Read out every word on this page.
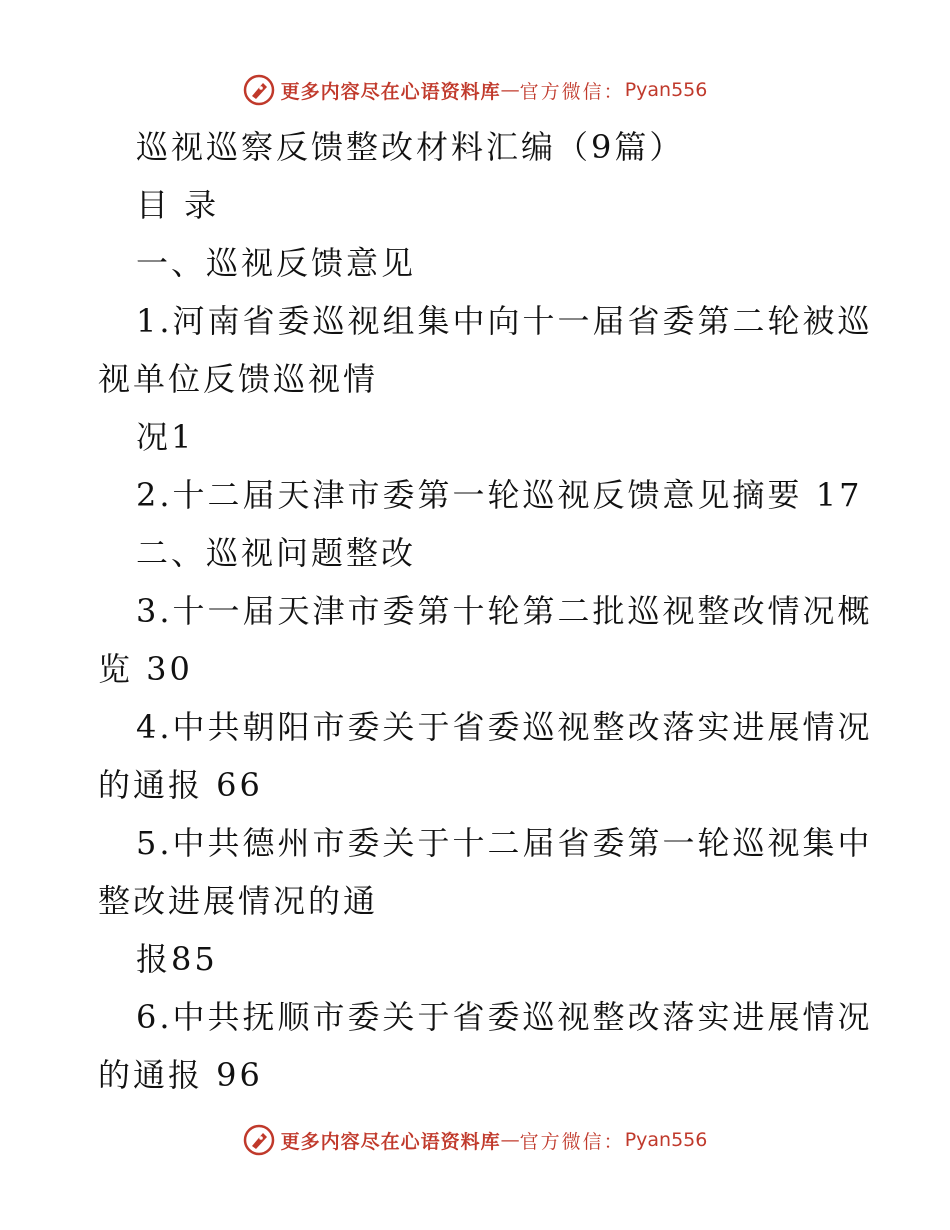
更多内容尽在心语资料库 — 官方微信： Pyan556
巡视巡察反馈整改材料汇编（9篇）
目 录
一、巡视反馈意见
1.河南省委巡视组集中向十一届省委第二轮被巡
视单位反馈巡视情
况1
2.十二届天津市委第一轮巡视反馈意见摘要 17
二、巡视问题整改
3.十一届天津市委第十轮第二批巡视整改情况概
览 30
4.中共朝阳市委关于省委巡视整改落实进展情况
的通报 66
5.中共德州市委关于十二届省委第一轮巡视集中
整改进展情况的通
报85
6.中共抚顺市委关于省委巡视整改落实进展情况
的通报 96
更多内容尽在心语资料库 — 官方微信： Pyan556
